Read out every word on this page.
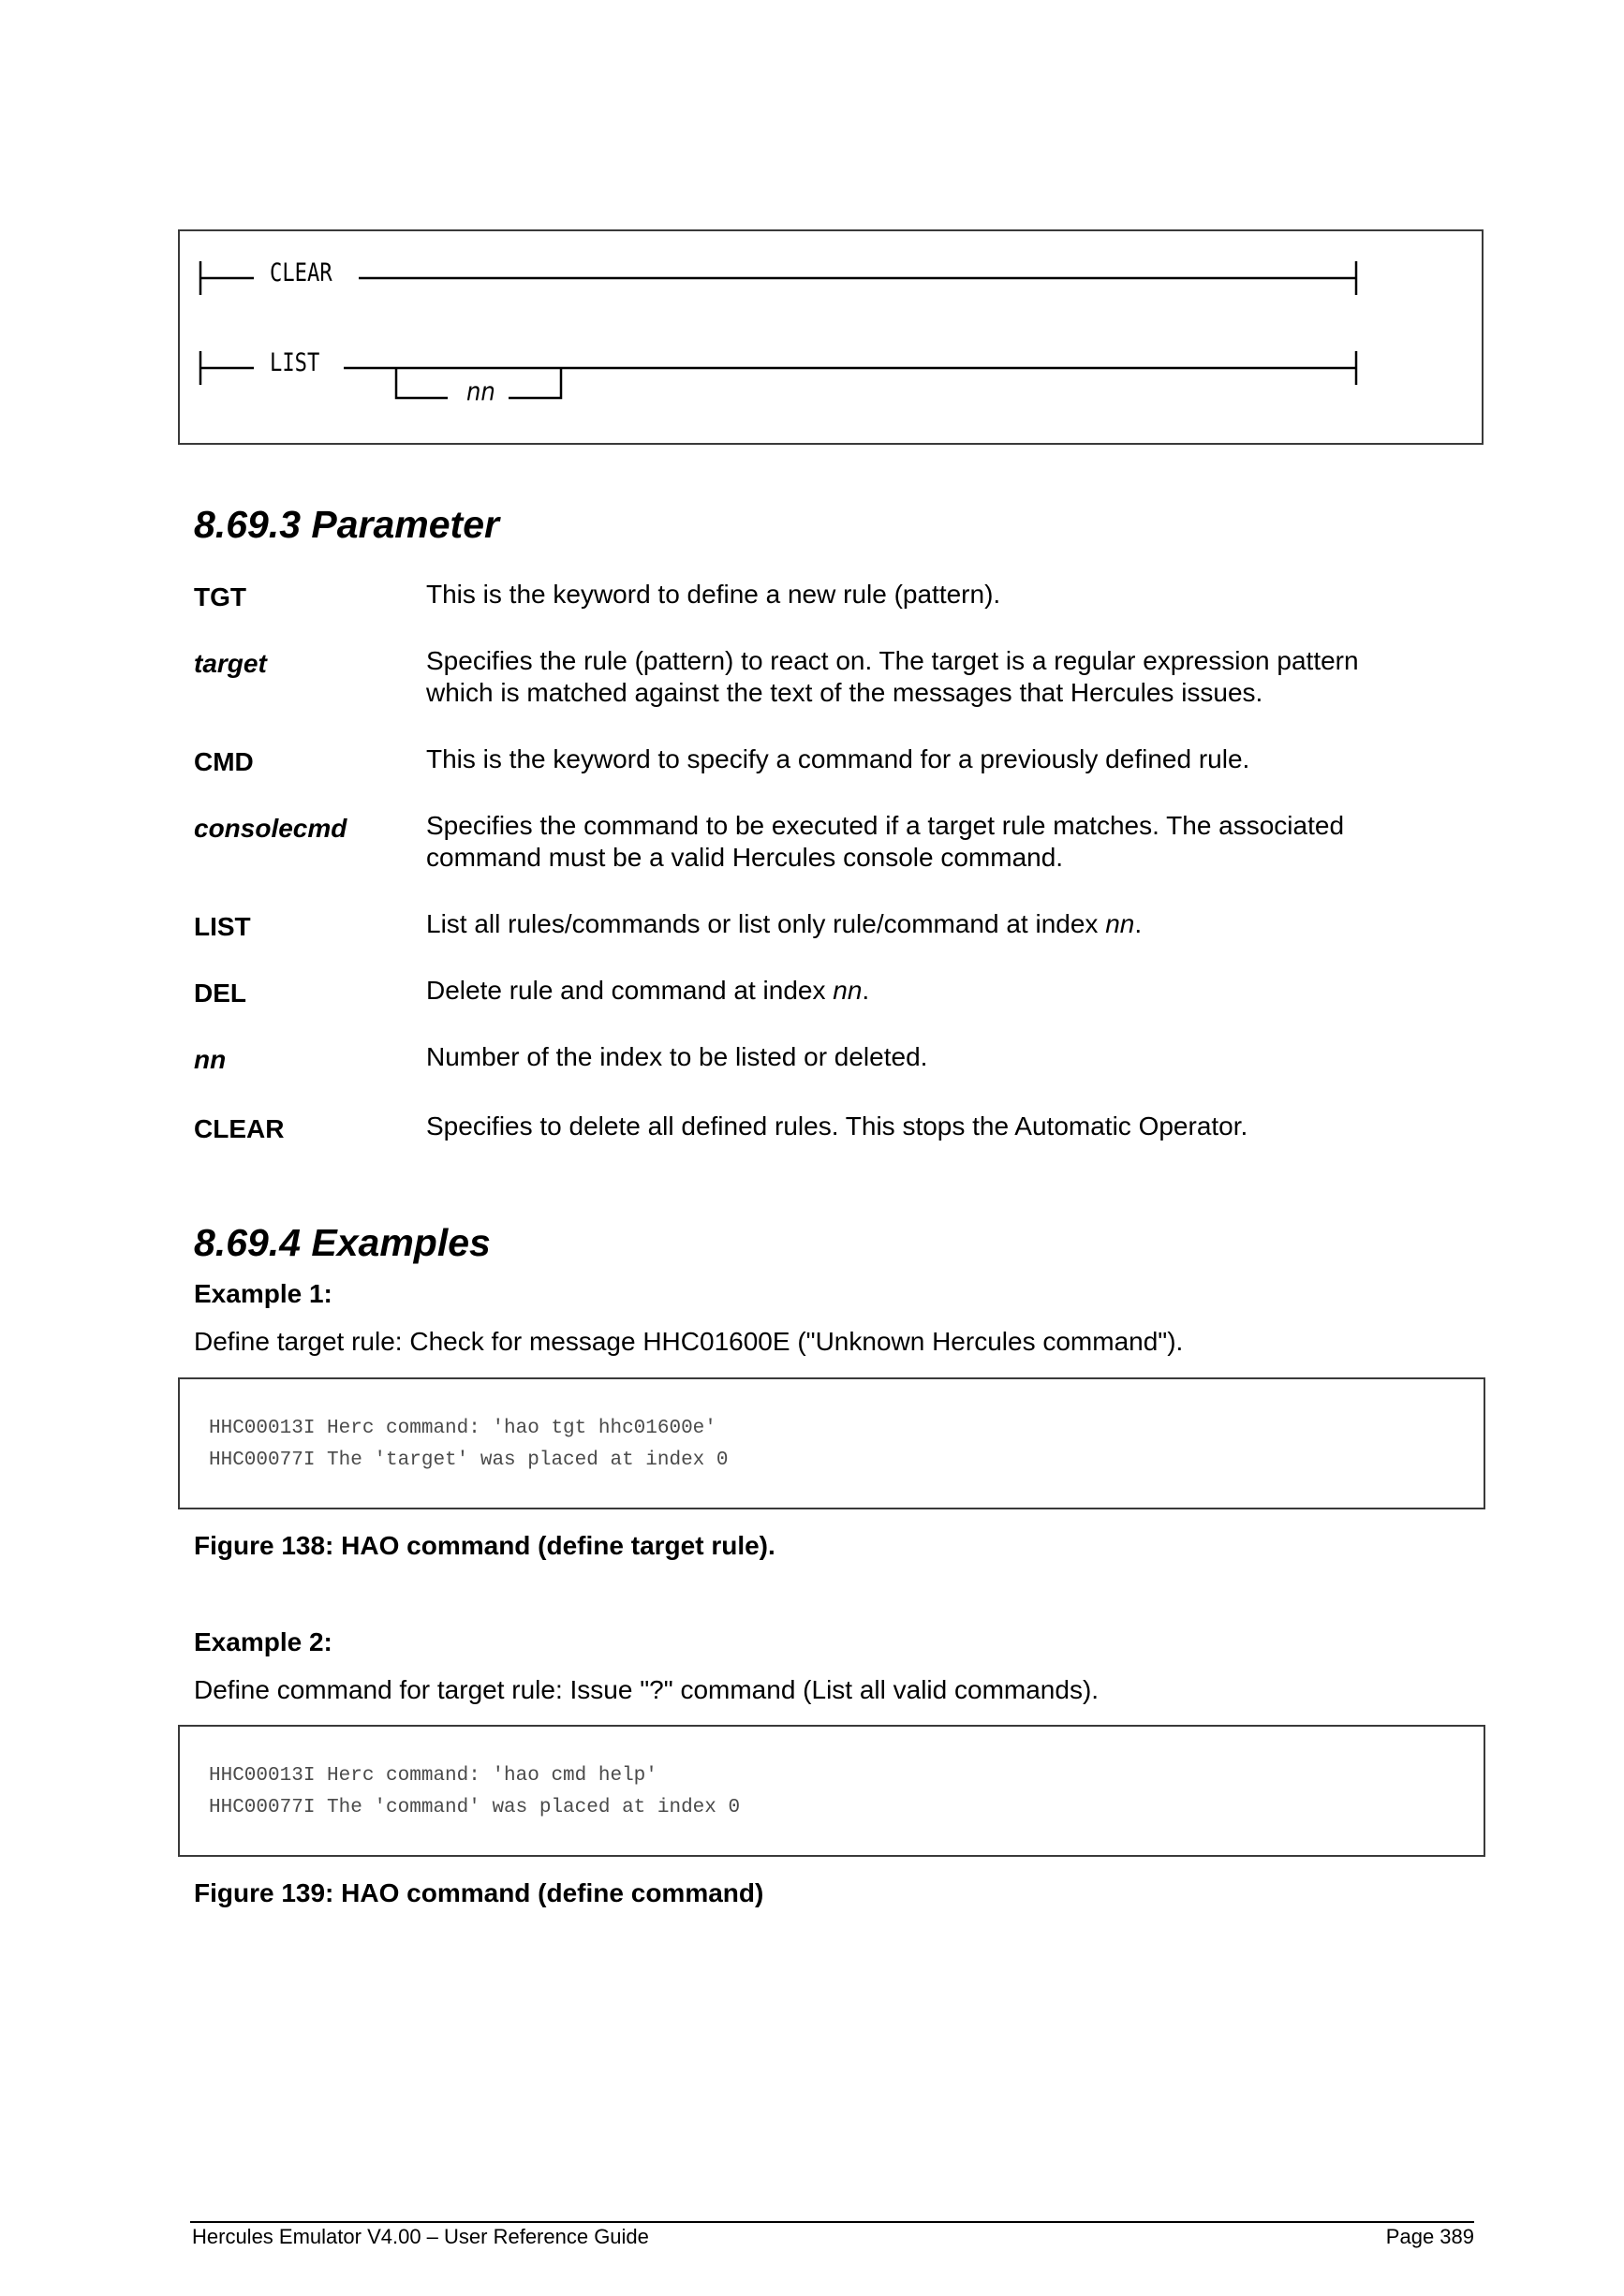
CLEAR
LIST
nn
8.69.3 Parameter
TGT	This is the keyword to define a new rule (pattern).
target	Specifies the rule (pattern) to react on. The target is a regular expression pattern
which is matched against the text of the messages that Hercules issues.
CMD	This is the keyword to specify a command for a previously defined rule.
consolecmd	Specifies the command to be executed if a target rule matches. The associated
command must be a valid Hercules console command.
LIST	List all rules/commands or list only rule/command at index nn.
DEL	Delete rule and command at index nn.
nn	Number of the index to be listed or deleted.
CLEAR	Specifies to delete all defined rules. This stops the Automatic Operator.
8.69.4 Examples
Example 1:
Define target rule: Check for message HHC01600E ("Unknown Hercules command").
HHC00013I Herc command: 'hao tgt hhc01600e'
HHC00077I The 'target' was placed at index 0
Figure 138: HAO command (define target rule).
Example 2:
Define command for target rule: Issue "?" command (List all valid commands).
HHC00013I Herc command: 'hao cmd help'
HHC00077I The 'command' was placed at index 0
Figure 139: HAO command (define command)
Hercules Emulator V4.00 – User Reference Guide	Page 389
